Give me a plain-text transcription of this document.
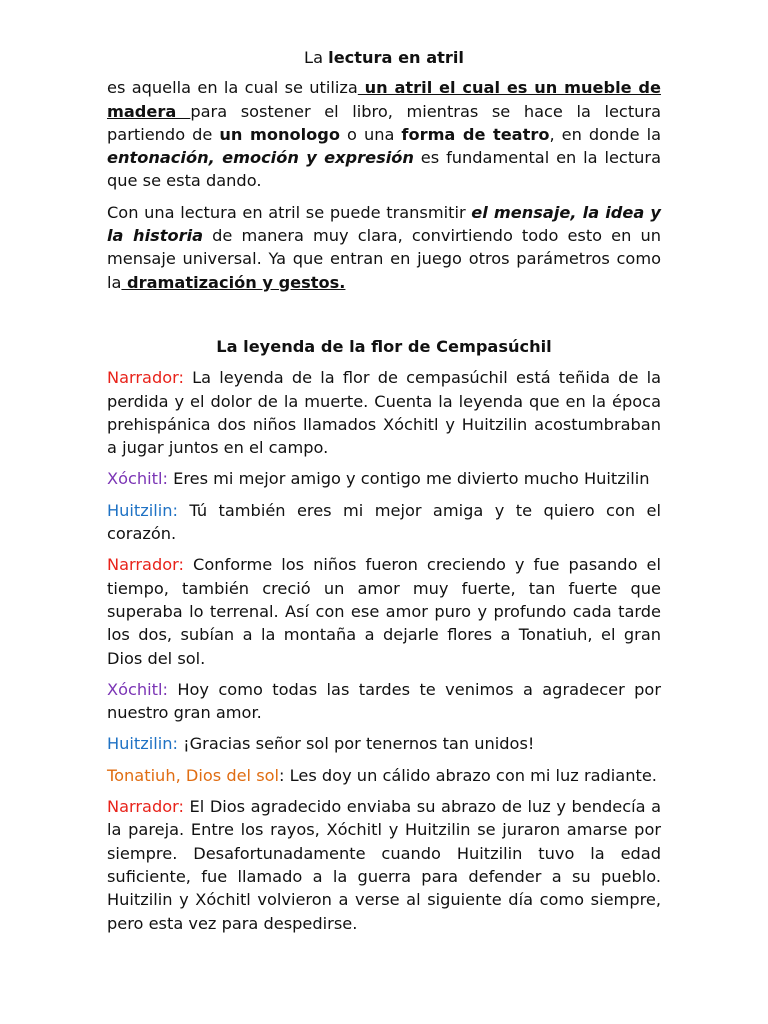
La lectura en atril

es aquella en la cual se utiliza un atril el cual es un mueble de madera para sostener el libro, mientras se hace la lectura partiendo de un monologo o una forma de teatro, en donde la entonación, emoción y expresión es fundamental en la lectura que se esta dando.

Con una lectura en atril se puede transmitir el mensaje, la idea y la historia de manera muy clara, convirtiendo todo esto en un mensaje universal. Ya que entran en juego otros parámetros como la dramatización y gestos.

La leyenda de la flor de Cempasúchil

Narrador: La leyenda de la flor de cempasúchil está teñida de la perdida y el dolor de la muerte. Cuenta la leyenda que en la época prehispánica dos niños llamados Xóchitl y Huitzilin acostumbraban a jugar juntos en el campo.

Xóchitl: Eres mi mejor amigo y contigo me divierto mucho Huitzilin

Huitzilin: Tú también eres mi mejor amiga y te quiero con el corazón.

Narrador: Conforme los niños fueron creciendo y fue pasando el tiempo, también creció un amor muy fuerte, tan fuerte que superaba lo terrenal. Así con ese amor puro y profundo cada tarde los dos, subían a la montaña a dejarle flores a Tonatiuh, el gran Dios del sol.

Xóchitl: Hoy como todas las tardes te venimos a agradecer por nuestro gran amor.

Huitzilin: ¡Gracias señor sol por tenernos tan unidos!

Tonatiuh, Dios del sol: Les doy un cálido abrazo con mi luz radiante.

Narrador: El Dios agradecido enviaba su abrazo de luz y bendecía a la pareja. Entre los rayos, Xóchitl y Huitzilin se juraron amarse por siempre. Desafortunadamente cuando Huitzilin tuvo la edad suficiente, fue llamado a la guerra para defender a su pueblo. Huitzilin y Xóchitl volvieron a verse al siguiente día como siempre, pero esta vez para despedirse.
